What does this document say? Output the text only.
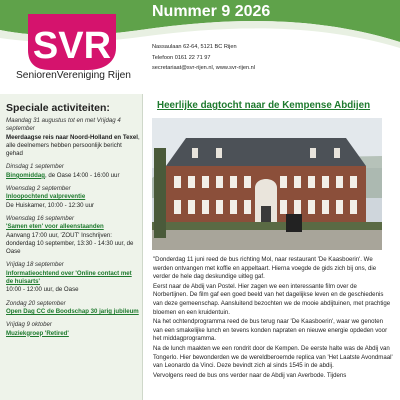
SVR
SeniorenVereniging Rijen
Nummer 9 2026
Nassaulaan 62-64, 5121 BC Rijen
Telefoon 0161 22 71 97
secretariaat@svr-rijen.nl, www.svr-rijen.nl
Speciale activiteiten:
Maandag 31 augustus tot en met Vrijdag 4 september
Meerdaagse reis naar Noord-Holland en Texel, alle deelnemers hebben persoonlijk bericht gehad
Dinsdag 1 september
Bingomiddag, de Oase 14:00 - 16:00 uur
Woensdag 2 september
Inloopochtend valpreventie
De Huiskamer, 10:00 - 12:30 uur
Woensdag 16 september
'Samen eten' voor alleenstaanden
Aanvang 17:00 uur, 'ZOUT' Inschrijven: donderdag 10 september, 13:30 - 14:30 uur, de Oase
Vrijdag 18 september
Informatieochtend over 'Online contact met de huisarts'
10:00 - 12:00 uur, de Oase
Zondag 20 september
Open Dag CC de Boodschap 30 jarig jubileum
Vrijdag 9 oktober
Muziekgroep 'Retired'
Heerlijke dagtocht naar de Kempense Abdijen

"Donderdag 11 juni reed de bus richting Mol, naar restaurant 'De Kaasboerin'. We werden ontvangen met koffie en appeltaart. Hierna voegde de gids zich bij ons, die verder de hele dag deskundige uitleg gaf.

Eerst naar de Abdij van Postel. Hier zagen we een interessante film over de Norbertijnen. De film gaf een goed beeld van het dagelijkse leven en de geschiedenis van deze gemeenschap. Aansluitend bezochten we de mooie abdijtuinen, met prachtige bloemen en een kruidentuin.

Na het ochtendprogramma reed de bus terug naar 'De Kaasboerin', waar we genoten van een smakelijke lunch en tevens konden napraten en nieuwe energie opdeden voor het middagprogramma.

Na de lunch maakten we een rondrit door de Kempen. De eerste halte was de Abdij van Tongerlo. Hier bewonderden we de wereldberoemde replica van 'Het Laatste Avondmaal' van Leonardo da Vinci. Deze bevindt zich al sinds 1545 in de abdij.

Vervolgens reed de bus ons verder naar de Abdij van Averbode. Tijdens
